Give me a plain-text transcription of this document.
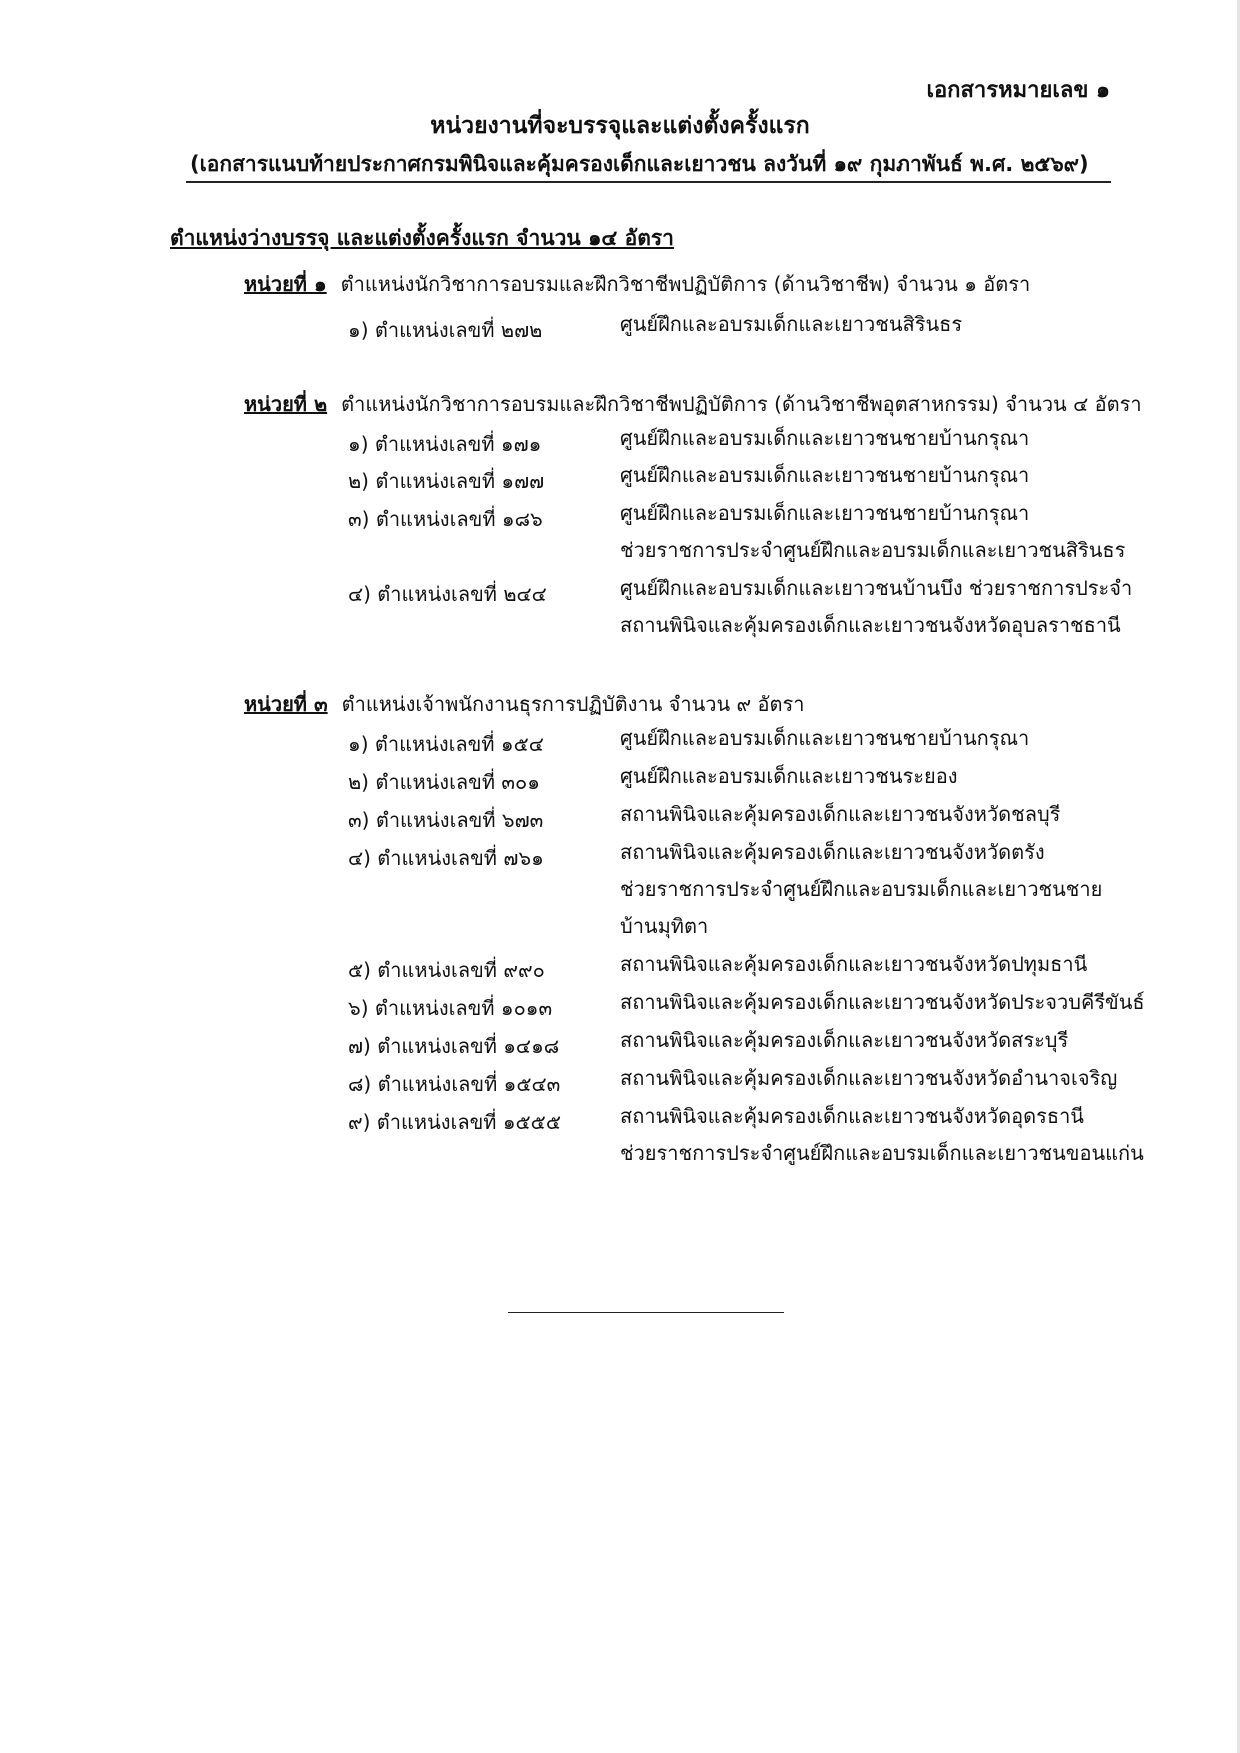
เอกสารหมายเลข ๑
หน่วยงานที่จะบรรจุและแต่งตั้งครั้งแรก
(เอกสารแนบท้ายประกาศกรมพินิจและคุ้มครองเด็กและเยาวชน ลงวันที่ ๑๙ กุมภาพันธ์ พ.ศ. ๒๕๖๙)
ตำแหน่งว่างบรรจุ และแต่งตั้งครั้งแรก จำนวน ๑๔ อัตรา
หน่วยที่ ๑ ตำแหน่งนักวิชาการอบรมและฝึกวิชาชีพปฏิบัติการ (ด้านวิชาชีพ) จำนวน ๑ อัตรา
๑) ตำแหน่งเลขที่ ๒๗๒	ศูนย์ฝึกและอบรมเด็กและเยาวชนสิรินธร
หน่วยที่ ๒ ตำแหน่งนักวิชาการอบรมและฝึกวิชาชีพปฏิบัติการ (ด้านวิชาชีพอุตสาหกรรม) จำนวน ๔ อัตรา
๑) ตำแหน่งเลขที่ ๑๗๑	ศูนย์ฝึกและอบรมเด็กและเยาวชนชายบ้านกรุณา
๒) ตำแหน่งเลขที่ ๑๗๗	ศูนย์ฝึกและอบรมเด็กและเยาวชนชายบ้านกรุณา
๓) ตำแหน่งเลขที่ ๑๘๖	ศูนย์ฝึกและอบรมเด็กและเยาวชนชายบ้านกรุณา
ช่วยราชการประจำศูนย์ฝึกและอบรมเด็กและเยาวชนสิรินธร
๔) ตำแหน่งเลขที่ ๒๔๔	ศูนย์ฝึกและอบรมเด็กและเยาวชนบ้านบึง ช่วยราชการประจำ
สถานพินิจและคุ้มครองเด็กและเยาวชนจังหวัดอุบลราชธานี
หน่วยที่ ๓ ตำแหน่งเจ้าพนักงานธุรการปฏิบัติงาน จำนวน ๙ อัตรา
๑) ตำแหน่งเลขที่ ๑๕๔	ศูนย์ฝึกและอบรมเด็กและเยาวชนชายบ้านกรุณา
๒) ตำแหน่งเลขที่ ๓๐๑	ศูนย์ฝึกและอบรมเด็กและเยาวชนระยอง
๓) ตำแหน่งเลขที่ ๖๗๓	สถานพินิจและคุ้มครองเด็กและเยาวชนจังหวัดชลบุรี
๔) ตำแหน่งเลขที่ ๗๖๑	สถานพินิจและคุ้มครองเด็กและเยาวชนจังหวัดตรัง
ช่วยราชการประจำศูนย์ฝึกและอบรมเด็กและเยาวชนชาย
บ้านมุทิตา
๕) ตำแหน่งเลขที่ ๙๙๐	สถานพินิจและคุ้มครองเด็กและเยาวชนจังหวัดปทุมธานี
๖) ตำแหน่งเลขที่ ๑๐๑๓	สถานพินิจและคุ้มครองเด็กและเยาวชนจังหวัดประจวบคีรีขันธ์
๗) ตำแหน่งเลขที่ ๑๔๑๘	สถานพินิจและคุ้มครองเด็กและเยาวชนจังหวัดสระบุรี
๘) ตำแหน่งเลขที่ ๑๕๔๓	สถานพินิจและคุ้มครองเด็กและเยาวชนจังหวัดอำนาจเจริญ
๙) ตำแหน่งเลขที่ ๑๕๕๕	สถานพินิจและคุ้มครองเด็กและเยาวชนจังหวัดอุดรธานี
ช่วยราชการประจำศูนย์ฝึกและอบรมเด็กและเยาวชนขอนแก่น
